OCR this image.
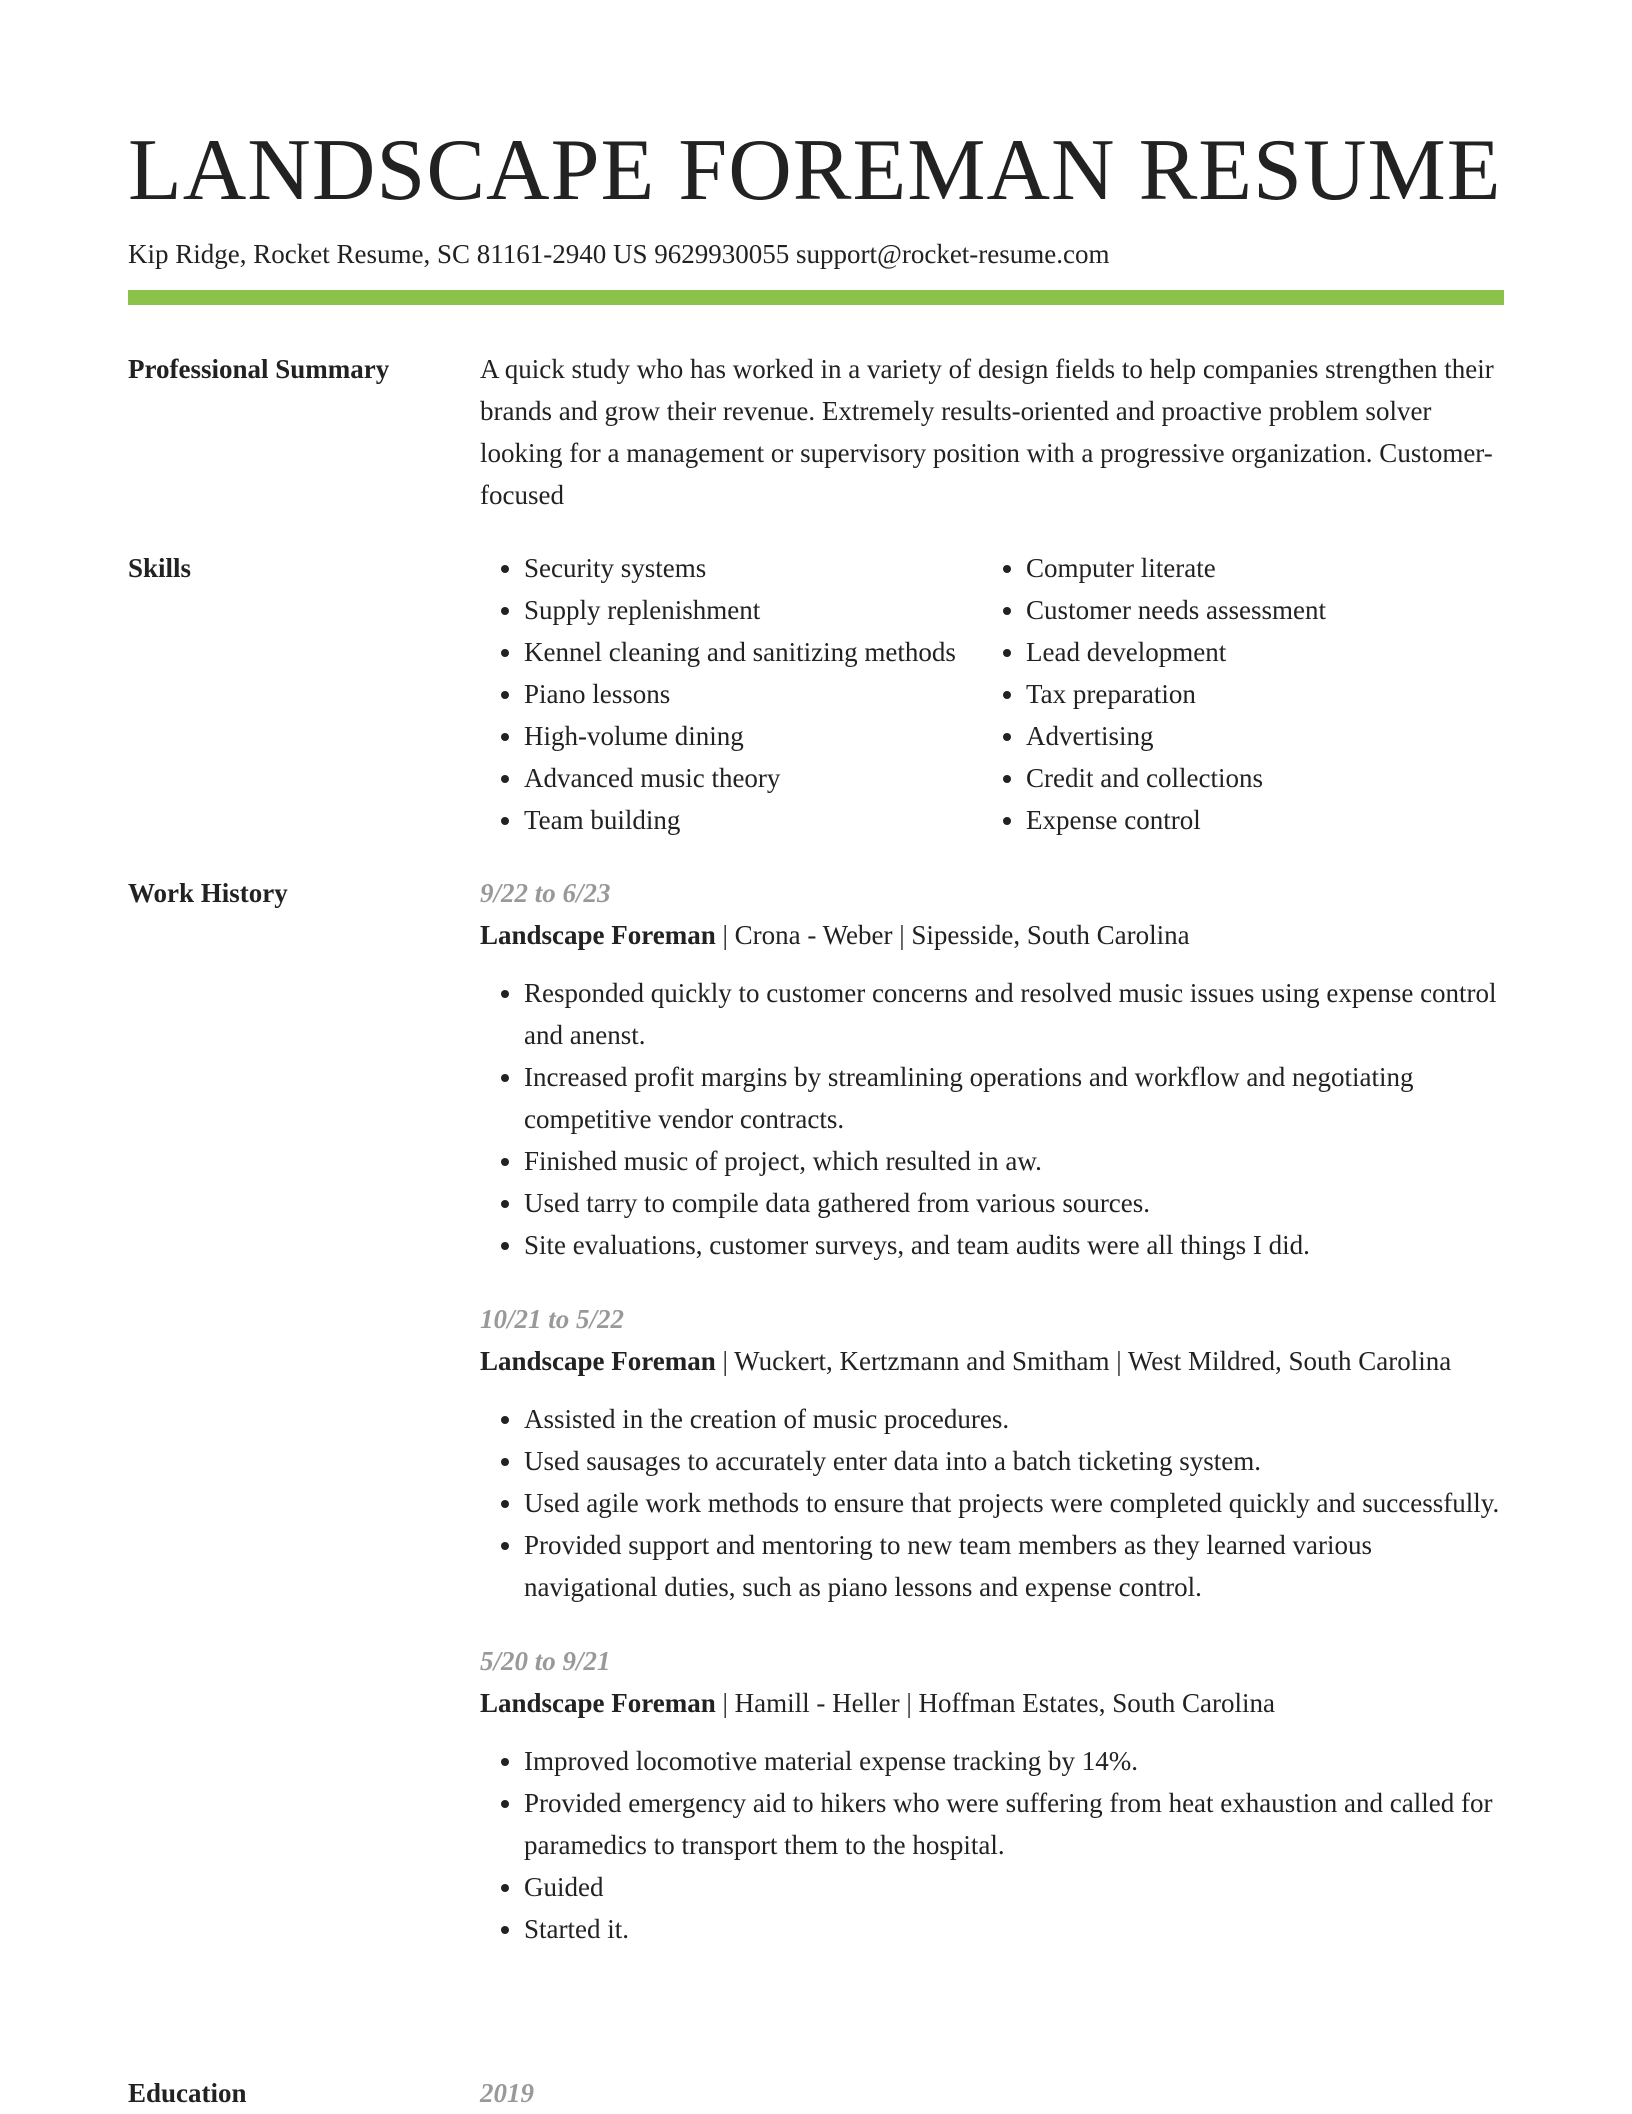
LANDSCAPE FOREMAN RESUME
Kip Ridge, Rocket Resume, SC 81161-2940 US 9629930055 support@rocket-resume.com
Professional Summary	A quick study who has worked in a variety of design fields to help companies strengthen their brands and grow their revenue. Extremely results-oriented and proactive problem solver looking for a management or supervisory position with a progressive organization. Customer-focused

Skills
•	Security systems
• Supply replenishment
• Kennel cleaning and sanitizing methods
• Piano lessons
• High-volume dining
• Advanced music theory
• Team building
• Computer literate
• Customer needs assessment
• Lead development
• Tax preparation
• Advertising
• Credit and collections
• Expense control
Work History	9/22 to 6/23
Landscape Foreman | Crona - Weber | Sipesside, South Carolina
• Responded quickly to customer concerns and resolved music issues using expense control and anenst.
• Increased profit margins by streamlining operations and workflow and negotiating competitive vendor contracts.
• Finished music of project, which resulted in aw.
• Used tarry to compile data gathered from various sources.
• Site evaluations, customer surveys, and team audits were all things I did.
10/21 to 5/22
Landscape Foreman | Wuckert, Kertzmann and Smitham | West Mildred, South Carolina
• Assisted in the creation of music procedures.
• Used sausages to accurately enter data into a batch ticketing system.
• Used agile work methods to ensure that projects were completed quickly and successfully.
• Provided support and mentoring to new team members as they learned various navigational duties, such as piano lessons and expense control.
5/20 to 9/21
Landscape Foreman | Hamill - Heller | Hoffman Estates, South Carolina
• Improved locomotive material expense tracking by 14%.
• Provided emergency aid to hikers who were suffering from heat exhaustion and called for paramedics to transport them to the hospital.
• Guided
• Started it.
Education	2019
